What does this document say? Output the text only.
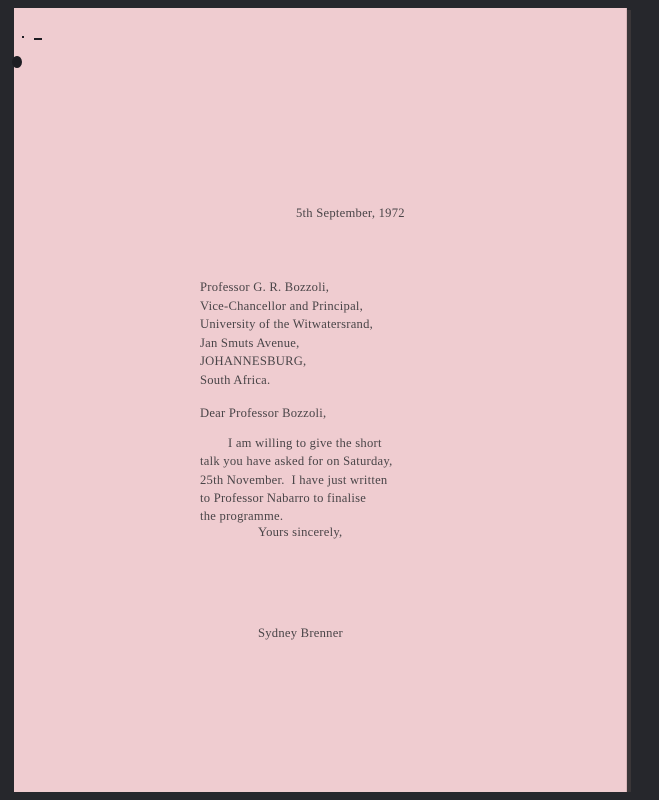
5th September, 1972
Professor G. R. Bozzoli,
Vice-Chancellor and Principal,
University of the Witwatersrand,
Jan Smuts Avenue,
JOHANNESBURG,
South Africa.
Dear Professor Bozzoli,
I am willing to give the short
talk you have asked for on Saturday,
25th November.  I have just written
to Professor Nabarro to finalise
the programme.
Yours sincerely,
Sydney Brenner
